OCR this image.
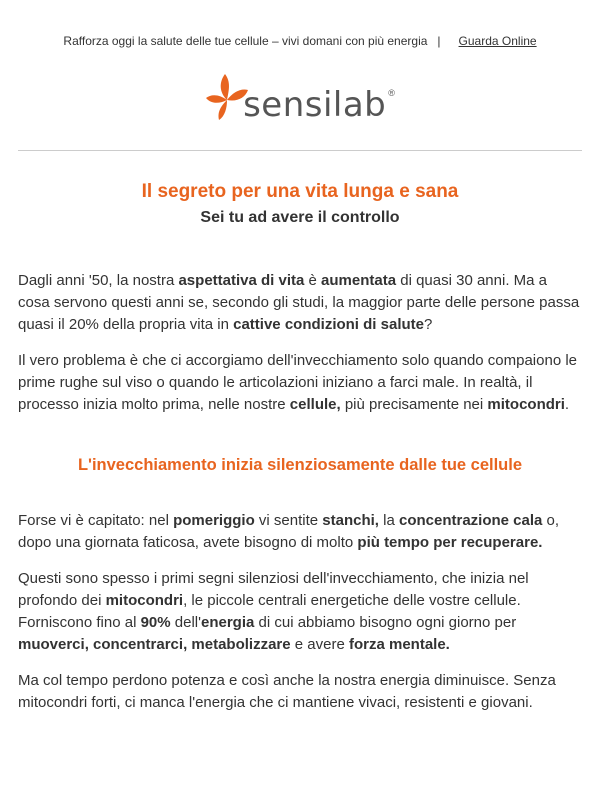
Rafforza oggi la salute delle tue cellule – vivi domani con più energia | Guarda Online
sensilab ®
Il segreto per una vita lunga e sana
Sei tu ad avere il controllo

Dagli anni '50, la nostra aspettativa di vita è aumentata di quasi 30 anni. Ma a cosa servono questi anni se, secondo gli studi, la maggior parte delle persone passa quasi il 20% della propria vita in cattive condizioni di salute?

Il vero problema è che ci accorgiamo dell'invecchiamento solo quando compaiono le prime rughe sul viso o quando le articolazioni iniziano a farci male. In realtà, il processo inizia molto prima, nelle nostre cellule, più precisamente nei mitocondri.

L'invecchiamento inizia silenziosamente dalle tue cellule

Forse vi è capitato: nel pomeriggio vi sentite stanchi, la concentrazione cala o, dopo una giornata faticosa, avete bisogno di molto più tempo per recuperare.

Questi sono spesso i primi segni silenziosi dell'invecchiamento, che inizia nel profondo dei mitocondri, le piccole centrali energetiche delle vostre cellule. Forniscono fino al 90% dell'energia di cui abbiamo bisogno ogni giorno per muoverci, concentrarci, metabolizzare e avere forza mentale.

Ma col tempo perdono potenza e così anche la nostra energia diminuisce. Senza mitocondri forti, ci manca l'energia che ci mantiene vivaci, resistenti e giovani.
